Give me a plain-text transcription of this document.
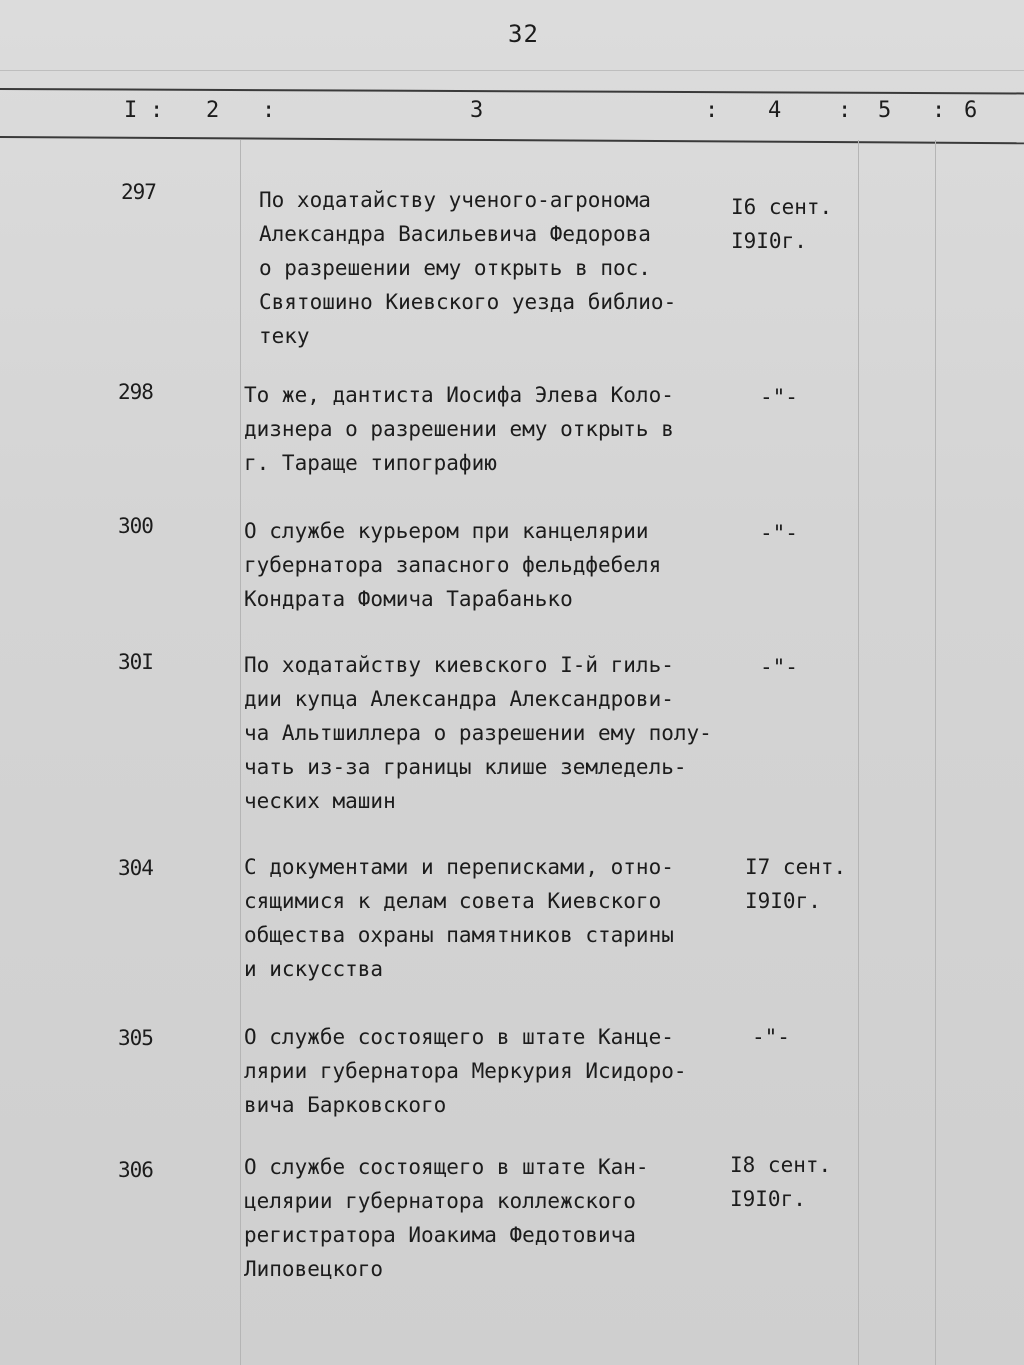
32
I : 2 :	3	: 4	: 5 : 6
297	По ходатайству ученого-агронома
Александра Васильевича Федорова
о разрешении ему открыть в пос.
Святошино Киевского уезда библио-
теку
I6 сент.
I9I0г.
298	То же, дантиста Иосифа Элева Коло-
дизнера о разрешении ему открыть в
г. Тараще типографию
-"-
300	О службе курьером при канцелярии
губернатора запасного фельдфебеля
Кондрата Фомича Тарабанько
-"-
30I	По ходатайству киевского I-й гиль-
дии купца Александра Александрови-
ча Альтшиллера о разрешении ему полу-
чать из-за границы клише земледель-
ческих машин
-"-
304	С документами и переписками, отно-
сящимися к делам совета Киевского
общества охраны памятников старины
и искусства
I7 сент.
I9I0г.
305	О службе состоящего в штате Канце-
лярии губернатора Меркурия Исидоро-
вича Барковского
-"-
306	О службе состоящего в штате Кан-
целярии губернатора коллежского
регистратора Иоакима Федотовича
Липовецкого
I8 сент.
I9I0г.
